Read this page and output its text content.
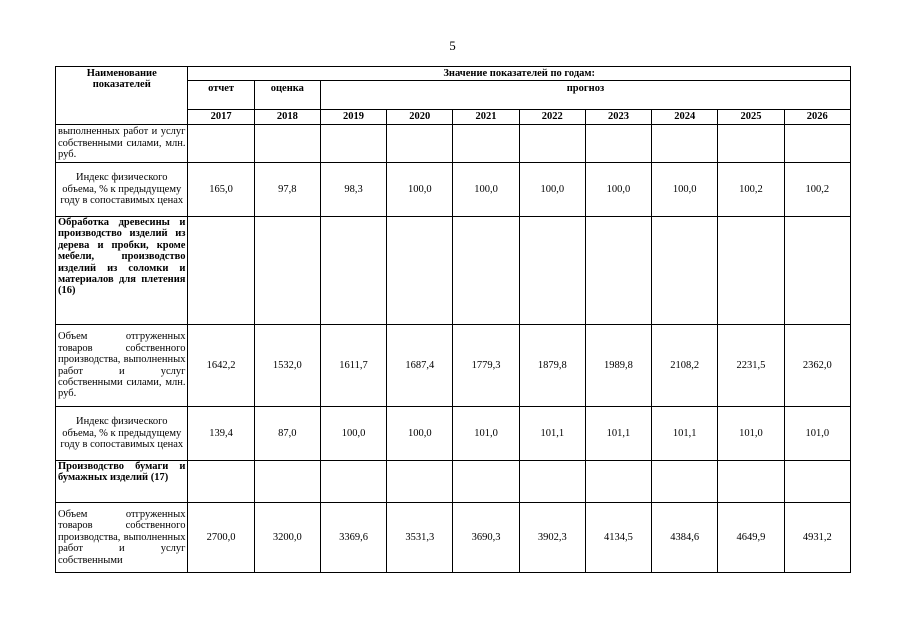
5
Наименование показателей	Значение показателей по годам:									
	отчет	оценка	прогноз							
	2017	2018	2019	2020	2021	2022	2023	2024	2025	2026
выполненных работ и услуг собственными силами, млн. руб.										
Индекс физического объема, % к предыдущему году в сопоставимых ценах	165,0	97,8	98,3	100,0	100,0	100,0	100,0	100,0	100,2	100,2
Обработка древесины и производство изделий из дерева и пробки, кроме мебели, производство изделий из соломки и материалов для плетения (16)										
Объем отгруженных товаров собственного производства, выполненных работ и услуг собственными силами, млн. руб.	1642,2	1532,0	1611,7	1687,4	1779,3	1879,8	1989,8	2108,2	2231,5	2362,0
Индекс физического объема, % к предыдущему году в сопоставимых ценах	139,4	87,0	100,0	100,0	101,0	101,1	101,1	101,1	101,0	101,0
Производство бумаги и бумажных изделий (17)										
Объем отгруженных товаров собственного производства, выполненных работ и услуг собственными	2700,0	3200,0	3369,6	3531,3	3690,3	3902,3	4134,5	4384,6	4649,9	4931,2
